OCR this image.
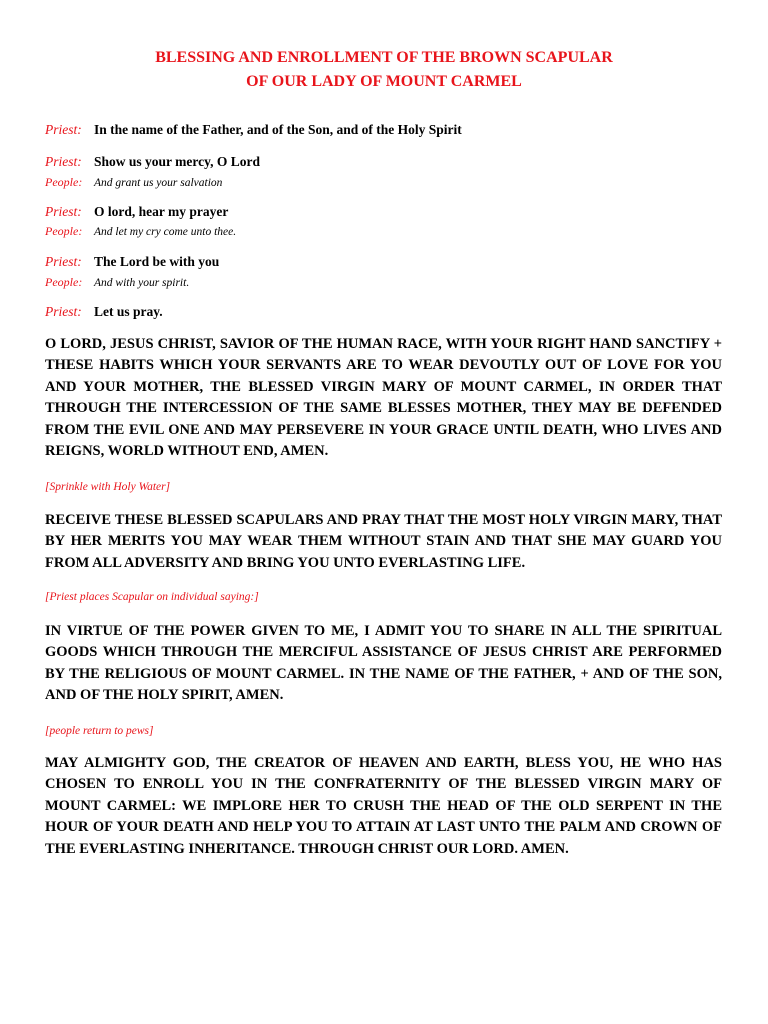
BLESSING AND ENROLLMENT OF THE BROWN SCAPULAR
OF OUR LADY OF MOUNT CARMEL
Priest: In the name of the Father, and of the Son, and of the Holy Spirit
Priest: Show us your mercy, O Lord
People: And grant us your salvation
Priest: O lord, hear my prayer
People: And let my cry come unto thee.
Priest: The Lord be with you
People: And with your spirit.
Priest: Let us pray.

O LORD, JESUS CHRIST, SAVIOR OF THE HUMAN RACE, WITH YOUR RIGHT HAND SANCTIFY + THESE HABITS WHICH YOUR SERVANTS ARE TO WEAR DEVOUTLY OUT OF LOVE FOR YOU AND YOUR MOTHER, THE BLESSED VIRGIN MARY OF MOUNT CARMEL, IN ORDER THAT THROUGH THE INTERCESSION OF THE SAME BLESSES MOTHER, THEY MAY BE DEFENDED FROM THE EVIL ONE AND MAY PERSEVERE IN YOUR GRACE UNTIL DEATH, WHO LIVES AND REIGNS, WORLD WITHOUT END, AMEN.

[Sprinkle with Holy Water]

RECEIVE THESE BLESSED SCAPULARS AND PRAY THAT THE MOST HOLY VIRGIN MARY, THAT BY HER MERITS YOU MAY WEAR THEM WITHOUT STAIN AND THAT SHE MAY GUARD YOU FROM ALL ADVERSITY AND BRING YOU UNTO EVERLASTING LIFE.

[Priest places Scapular on individual saying:]

IN VIRTUE OF THE POWER GIVEN TO ME, I ADMIT YOU TO SHARE IN ALL THE SPIRITUAL GOODS WHICH THROUGH THE MERCIFUL ASSISTANCE OF JESUS CHRIST ARE PERFORMED BY THE RELIGIOUS OF MOUNT CARMEL. IN THE NAME OF THE FATHER, + AND OF THE SON, AND OF THE HOLY SPIRIT, AMEN.

[people return to pews]

MAY ALMIGHTY GOD, THE CREATOR OF HEAVEN AND EARTH, BLESS YOU, HE WHO HAS CHOSEN TO ENROLL YOU IN THE CONFRATERNITY OF THE BLESSED VIRGIN MARY OF MOUNT CARMEL: WE IMPLORE HER TO CRUSH THE HEAD OF THE OLD SERPENT IN THE HOUR OF YOUR DEATH AND HELP YOU TO ATTAIN AT LAST UNTO THE PALM AND CROWN OF THE EVERLASTING INHERITANCE. THROUGH CHRIST OUR LORD. AMEN.
